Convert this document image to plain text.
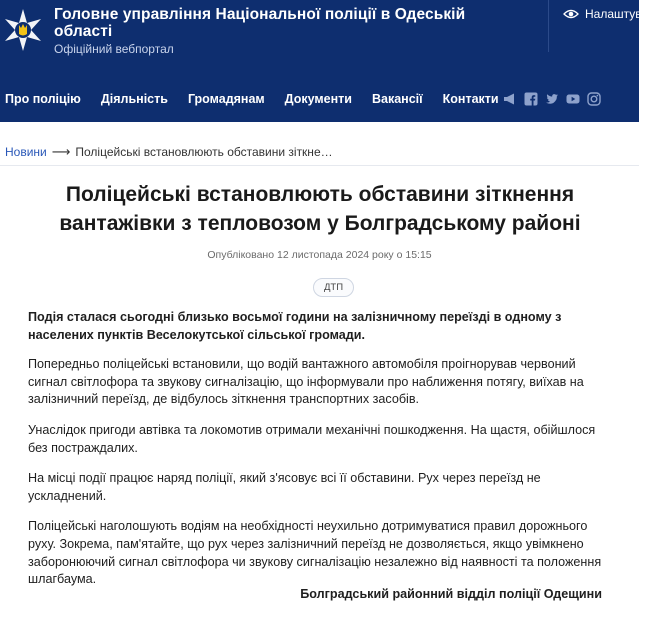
Головне управління Національної поліції в Одеській
області
Офіційний вебпортал
Налаштува
Про поліцію Діяльність Громадянам Документи Вакансії Контакти
Новини ⟶ Поліцейські встановлюють обставини зіткне…
Поліцейські встановлюють обставини зіткнення вантажівки з тепловозом у Болградському районі
Опубліковано 12 листопада 2024 року о 15:15
ДТП

Подія сталася сьогодні близько восьмої години на залізничному переїзді в одному з населених пунктів Веселокутської сільської громади.

Попередньо поліцейські встановили, що водій вантажного автомобіля проігнорував червоний сигнал світлофора та звукову сигналізацію, що інформували про наближення потягу, виїхав на залізничний переїзд, де відбулось зіткнення транспортних засобів.

Унаслідок пригоди автівка та локомотив отримали механічні пошкодження. На щастя, обійшлося без постраждалих.

На місці події працює наряд поліції, який з'ясовує всі її обставини. Рух через переїзд не ускладнений.

Поліцейські наголошують водіям на необхідності неухильно дотримуватися правил дорожнього руху. Зокрема, пам'ятайте, що рух через залізничний переїзд не дозволяється, якщо увімкнено заборонюючий сигнал світлофора чи звукову сигналізацію незалежно від наявності та положення шлагбаума.

Болградський районний відділ поліції Одещини
